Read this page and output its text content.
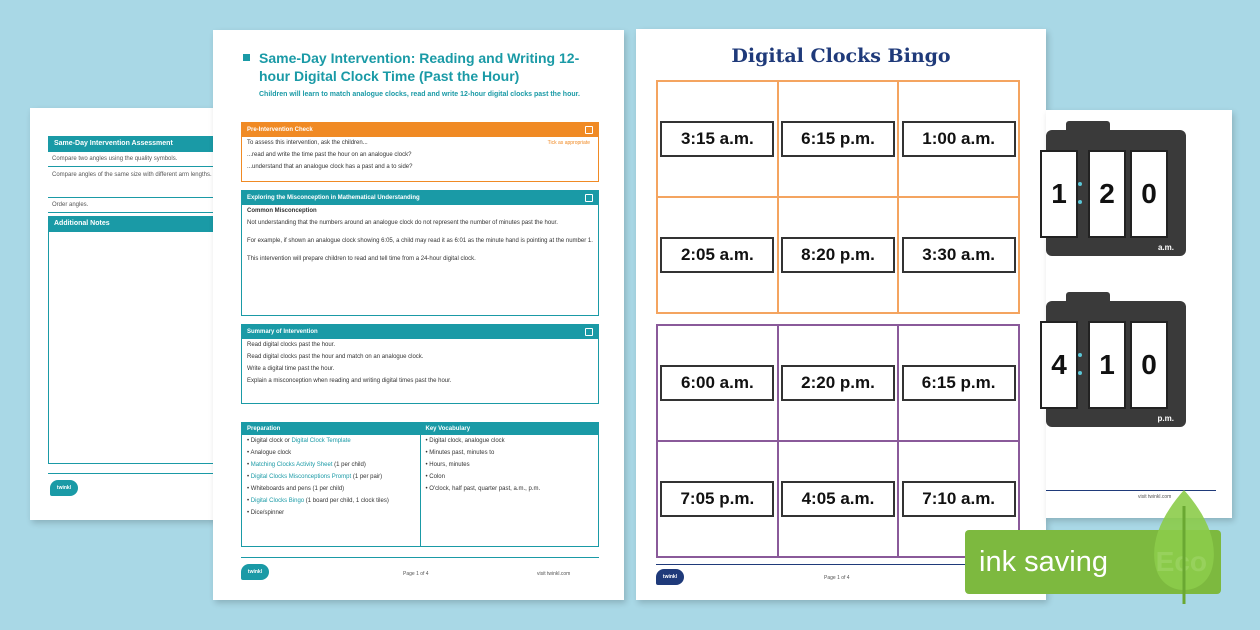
Same-Day Intervention Assessment
Compare two angles using the quality symbols.
Compare angles of the same size with different arm lengths.
Order angles.
Additional Notes
twinkl
Same-Day Intervention: Reading and Writing 12-hour Digital Clock Time (Past the Hour)
Children will learn to match analogue clocks, read and write 12-hour digital clocks past the hour.
Pre-Intervention Check
To assess this intervention, ask the children...	Tick as appropriate
...read and write the time past the hour on an analogue clock?
...understand that an analogue clock has a past and a to side?
Exploring the Misconception in Mathematical Understanding
Common Misconception
Not understanding that the numbers around an analogue clock do not represent the number of minutes past the hour.
For example, if shown an analogue clock showing 6:05, a child may read it as 6:01 as the minute hand is pointing at the number 1.
This intervention will prepare children to read and tell time from a 24-hour digital clock.
Summary of Intervention
Read digital clocks past the hour.
Read digital clocks past the hour and match on an analogue clock.
Write a digital time past the hour.
Explain a misconception when reading and writing digital times past the hour.
Preparation
• Digital clock or Digital Clock Template
• Analogue clock
• Matching Clocks Activity Sheet (1 per child)
• Digital Clocks Misconceptions Prompt (1 per pair)
• Whiteboards and pens (1 per child)
• Digital Clocks Bingo (1 board per child, 1 clock tiles)
• Dice/spinner
Key Vocabulary
• Digital clock, analogue clock
• Minutes past, minutes to
• Hours, minutes
• Colon
• O'clock, half past, quarter past, a.m., p.m.
twinkl	Page 1 of 4	visit twinkl.com
Digital Clocks Bingo
3:15 a.m.	6:15 p.m.	1:00 a.m.
2:05 a.m.	8:20 p.m.	3:30 a.m.
6:00 a.m.	2:20 p.m.	6:15 p.m.
7:05 p.m.	4:05 a.m.	7:10 a.m.
twinkl	Page 1 of 4
1	2 0
a.m.
4	1 0
p.m.
visit twinkl.com
ink saving
